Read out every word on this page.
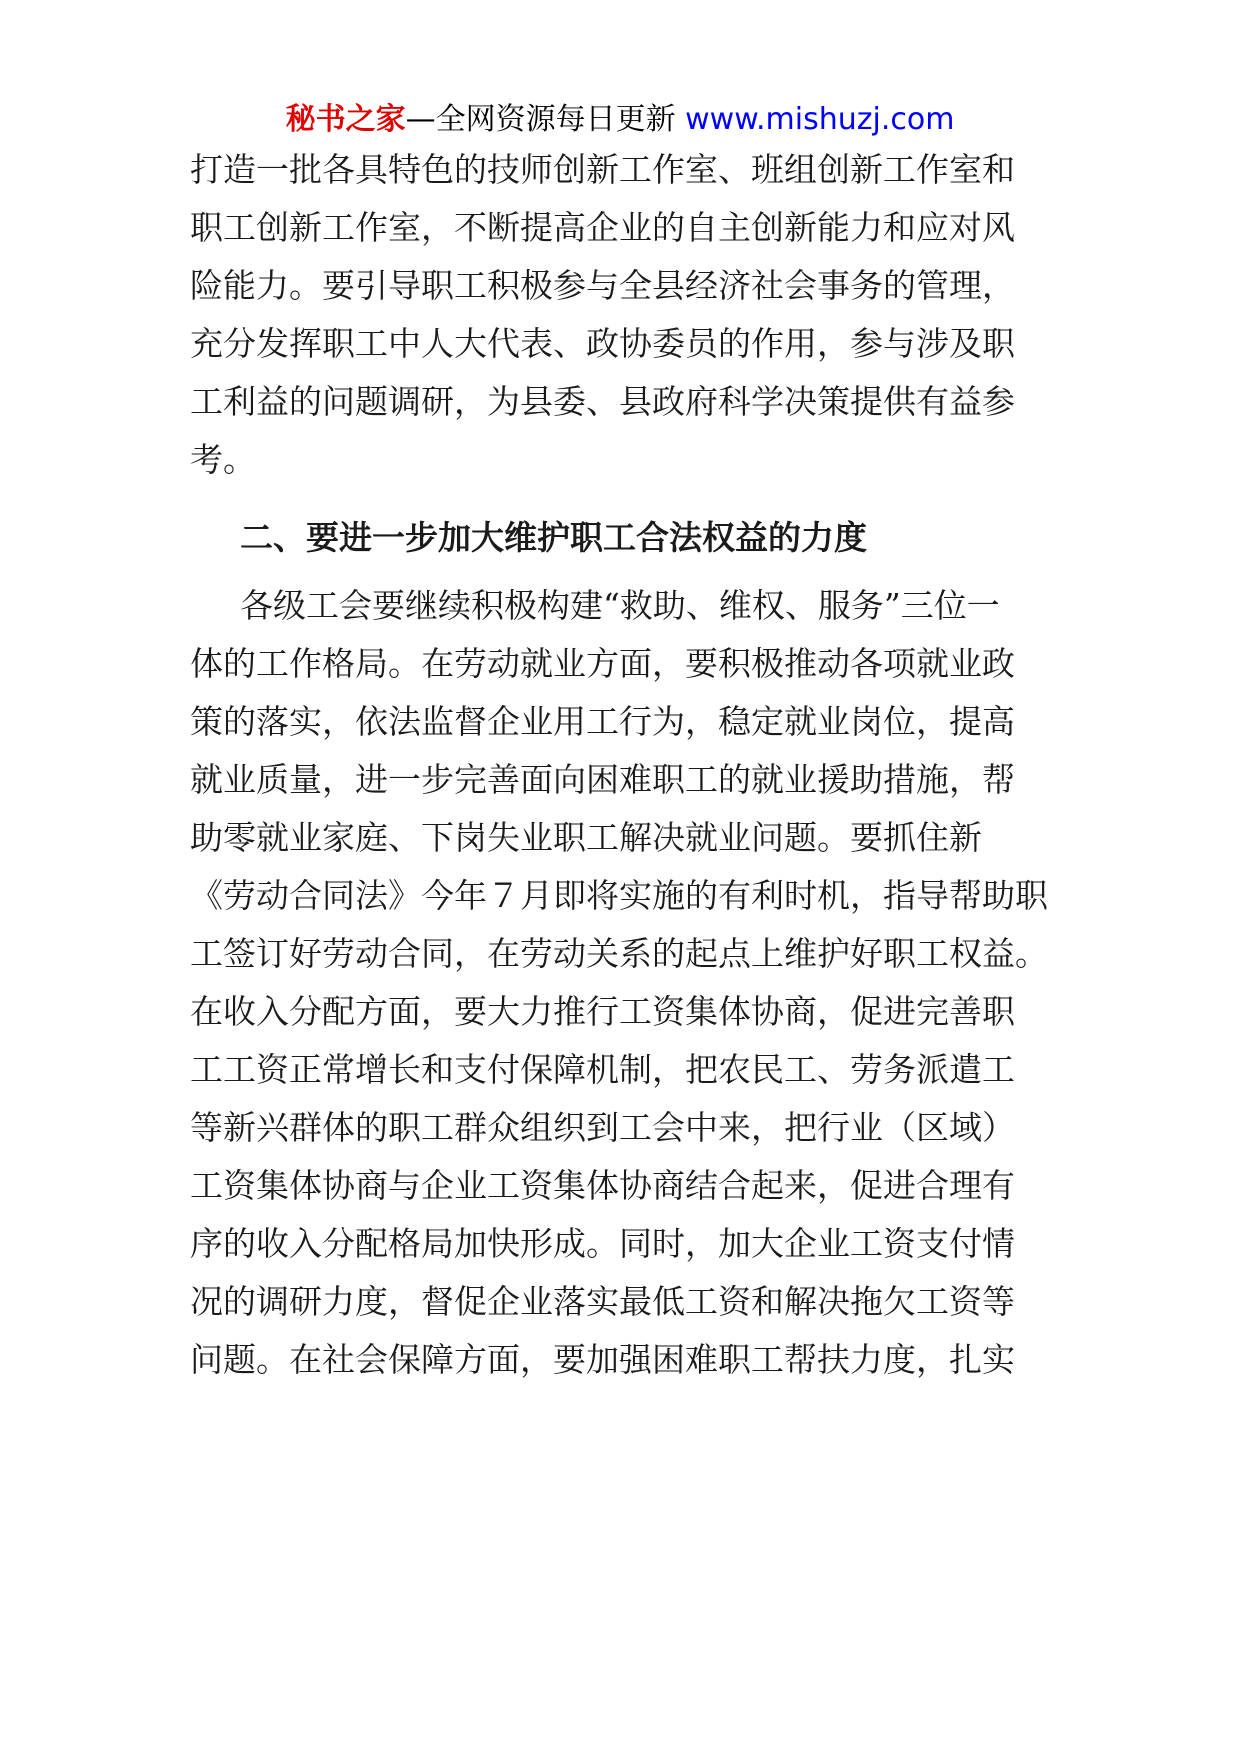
秘书之家—全网资源每日更新 www.mishuzj.com
打造一批各具特色的技师创新工作室、班组创新工作室和
职工创新工作室，不断提高企业的自主创新能力和应对风
险能力。要引导职工积极参与全县经济社会事务的管理，
充分发挥职工中人大代表、政协委员的作用，参与涉及职
工利益的问题调研，为县委、县政府科学决策提供有益参
考。
二、要进一步加大维护职工合法权益的力度
各级工会要继续积极构建“救助、维权、服务”三位一
体的工作格局。在劳动就业方面，要积极推动各项就业政
策的落实，依法监督企业用工行为，稳定就业岗位，提高
就业质量，进一步完善面向困难职工的就业援助措施，帮
助零就业家庭、下岗失业职工解决就业问题。要抓住新
《劳动合同法》今年７月即将实施的有利时机，指导帮助职
工签订好劳动合同，在劳动关系的起点上维护好职工权益。
在收入分配方面，要大力推行工资集体协商，促进完善职
工工资正常增长和支付保障机制，把农民工、劳务派遣工
等新兴群体的职工群众组织到工会中来，把行业（区域）
工资集体协商与企业工资集体协商结合起来，促进合理有
序的收入分配格局加快形成。同时，加大企业工资支付情
况的调研力度，督促企业落实最低工资和解决拖欠工资等
问题。在社会保障方面，要加强困难职工帮扶力度，扎实
